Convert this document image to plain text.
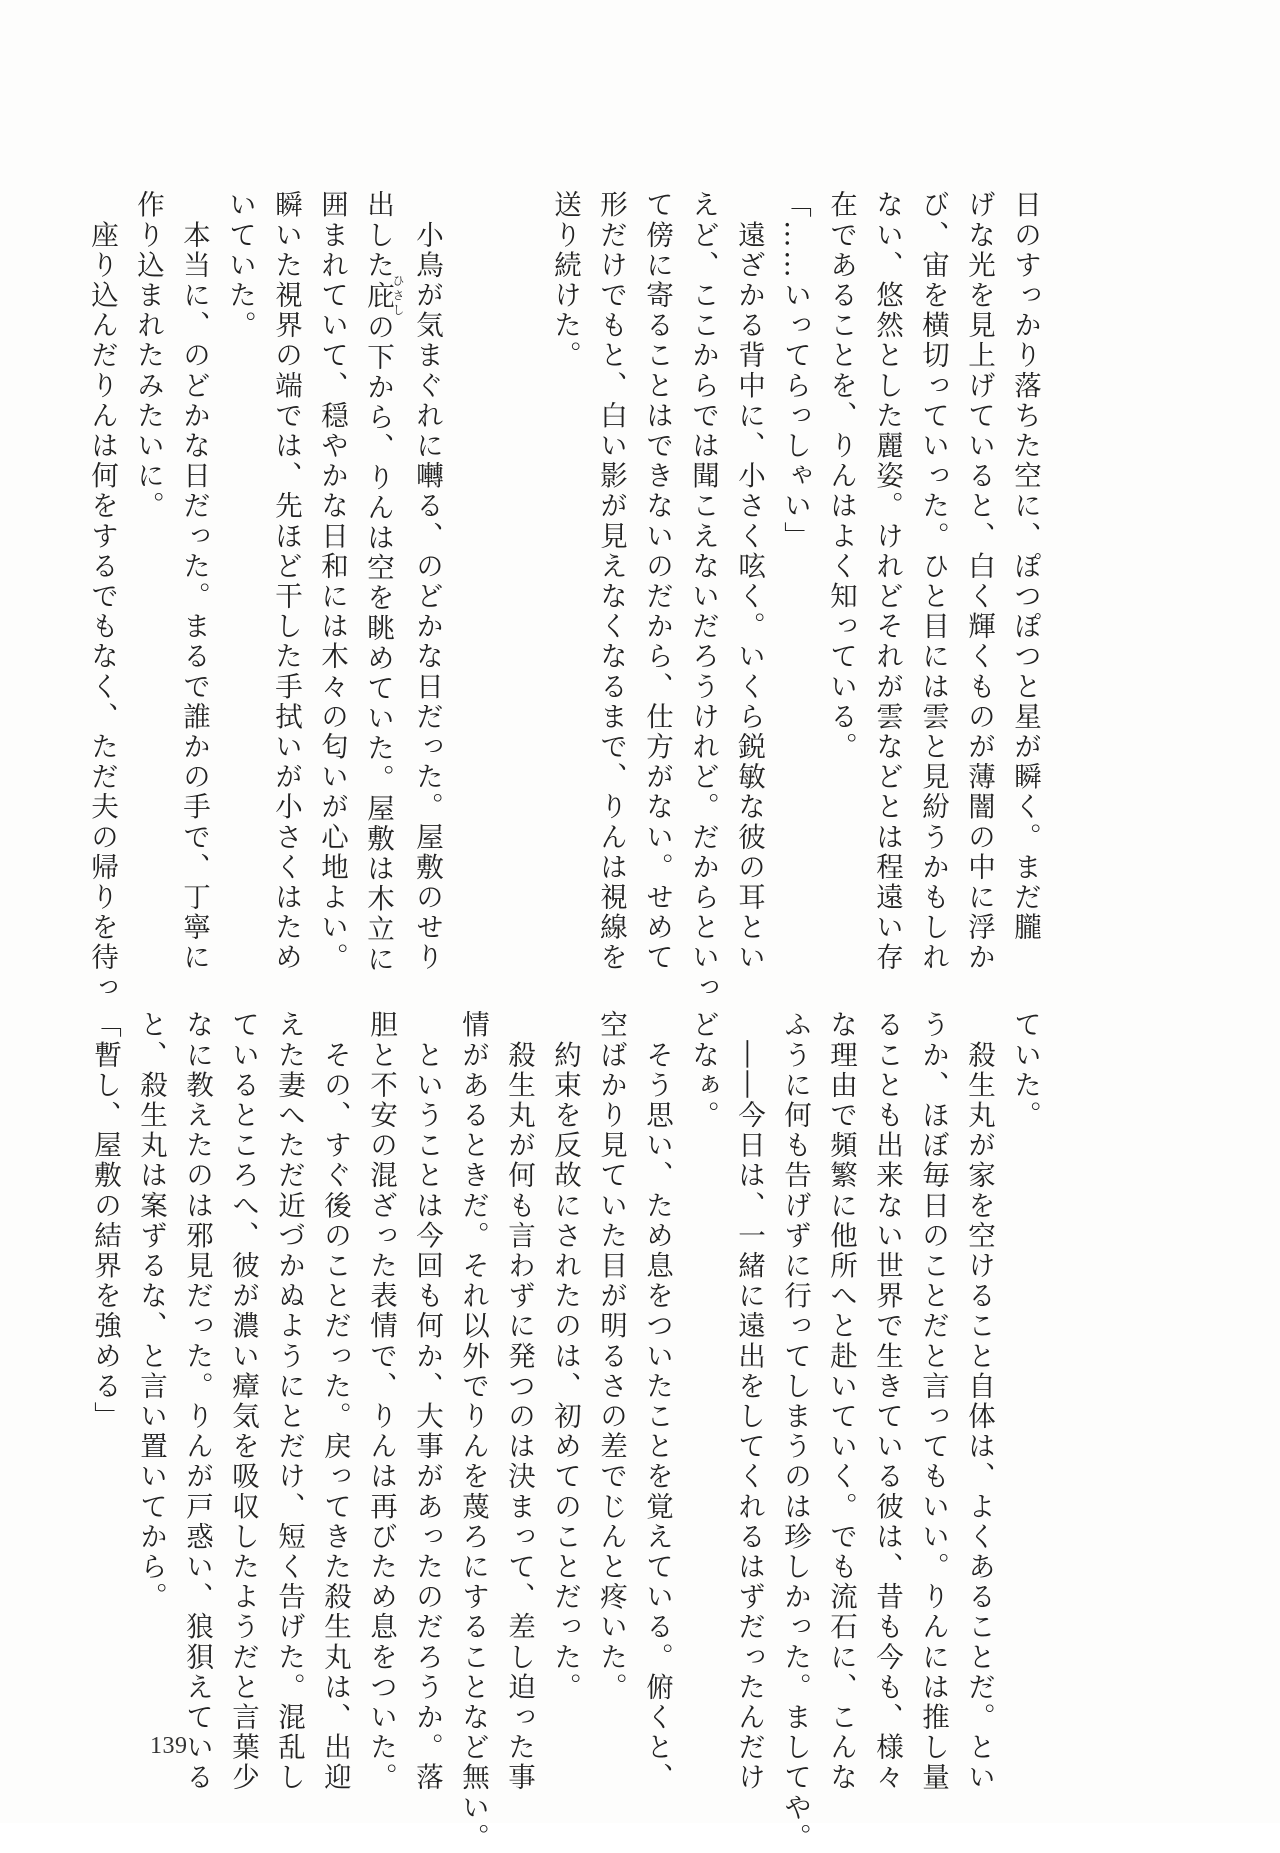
日のすっかり落ちた空に、ぽつぽつと星が瞬く。まだ朧

げな光を見上げていると、白く輝くものが薄闇の中に浮か

び、宙を横切っていった。ひと目には雲と見紛うかもしれ

ない、悠然とした麗姿。けれどそれが雲などとは程遠い存

在であることを、りんはよく知っている。

「……いってらっしゃい」

　遠ざかる背中に、小さく呟く。いくら鋭敏な彼の耳とい

えど、ここからでは聞こえないだろうけれど。だからといっ

て傍に寄ることはできないのだから、仕方がない。せめて

形だけでもと、白い影が見えなくなるまで、りんは視線を

送り続けた。

　小鳥が気まぐれに囀る、のどかな日だった。屋敷のせり

出した庇ひさしの下から、りんは空を眺めていた。屋敷は木立に

囲まれていて、穏やかな日和には木々の匂いが心地よい。

瞬いた視界の端では、先ほど干した手拭いが小さくはため

いていた。

　本当に、のどかな日だった。まるで誰かの手で、丁寧に

作り込まれたみたいに。

　座り込んだりんは何をするでもなく、ただ夫の帰りを待っ

ていた。

　殺生丸が家を空けること自体は、よくあることだ。とい

うか、ほぼ毎日のことだと言ってもいい。りんには推し量

ることも出来ない世界で生きている彼は、昔も今も、様々

な理由で頻繁に他所へと赴いていく。でも流石に、こんな

ふうに何も告げずに行ってしまうのは珍しかった。ましてや。

　――今日は、一緒に遠出をしてくれるはずだったんだけ

どなぁ。

　そう思い、ため息をついたことを覚えている。俯くと、

空ばかり見ていた目が明るさの差でじんと疼いた。

　約束を反故にされたのは、初めてのことだった。

　殺生丸が何も言わずに発つのは決まって、差し迫った事

情があるときだ。それ以外でりんを蔑ろにすることなど無い。

　ということは今回も何か、大事があったのだろうか。落

胆と不安の混ざった表情で、りんは再びため息をついた。

　その、すぐ後のことだった。戻ってきた殺生丸は、出迎

えた妻へただ近づかぬようにとだけ、短く告げた。混乱し

ているところへ、彼が濃い瘴気を吸収したようだと言葉少

なに教えたのは邪見だった。りんが戸惑い、狼狽えている

と、殺生丸は案ずるな、と言い置いてから。

「暫し、屋敷の結界を強める」

139
